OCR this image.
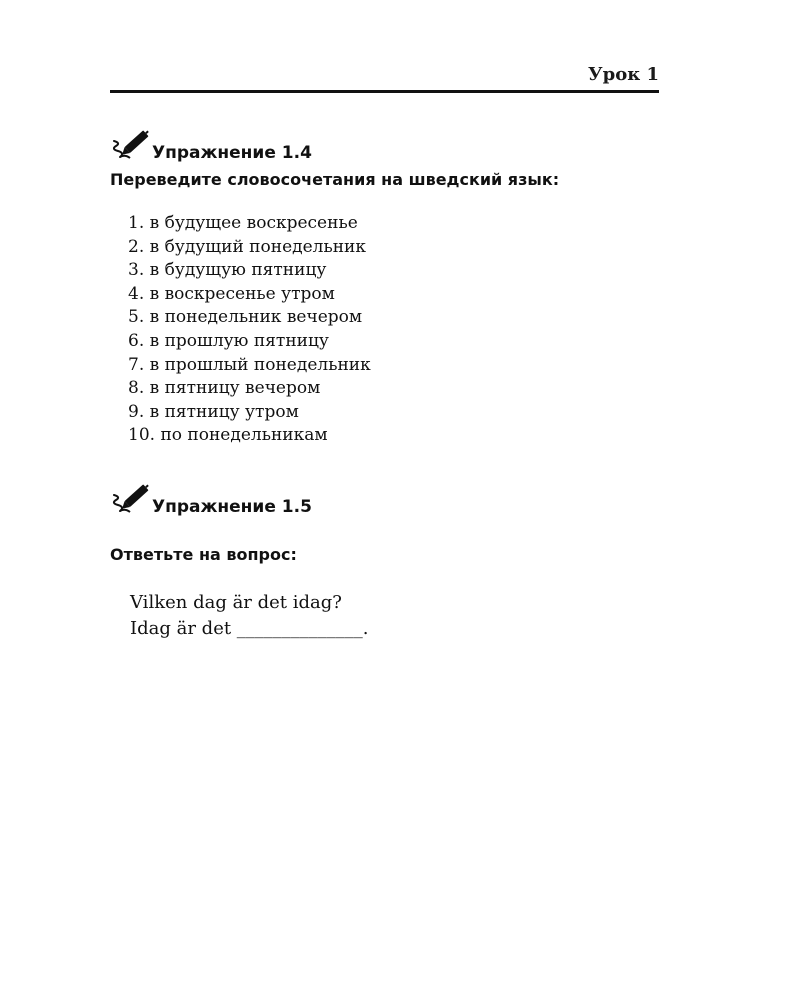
Урок 1
Упражнение 1.4
Переведите словосочетания на шведский язык:
1. в будущее воскресенье
2. в будущий понедельник
3. в будущую пятницу
4. в воскресенье утром
5. в понедельник вечером
6. в прошлую пятницу
7. в прошлый понедельник
8. в пятницу вечером
9. в пятницу утром
10. по понедельникам
Упражнение 1.5
Ответьте на вопрос:
Vilken dag är det idag?
Idag är det ______________.
